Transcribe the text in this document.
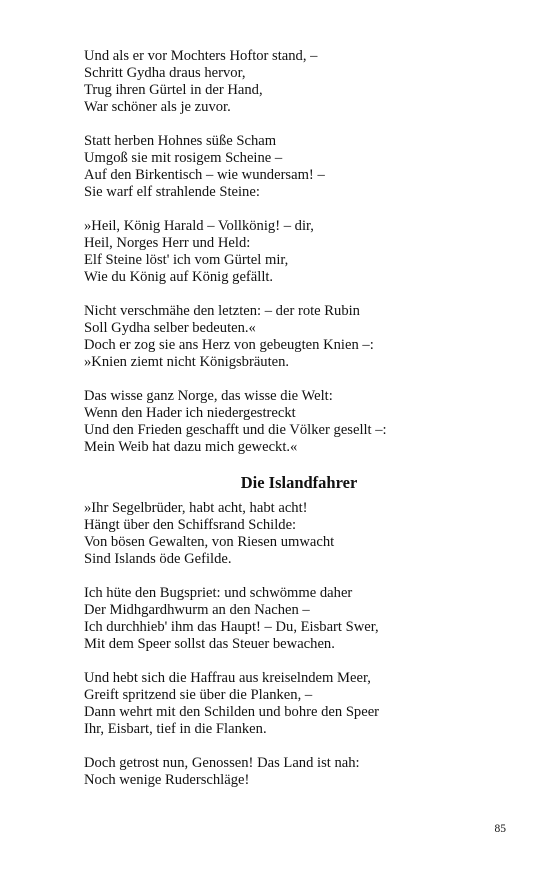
Und als er vor Mochters Hoftor stand, –
Schritt Gydha draus hervor,
Trug ihren Gürtel in der Hand,
War schöner als je zuvor.
Statt herben Hohnes süße Scham
Umgoß sie mit rosigem Scheine –
Auf den Birkentisch – wie wundersam! –
Sie warf elf strahlende Steine:
»Heil, König Harald – Vollkönig! – dir,
Heil, Norges Herr und Held:
Elf Steine löst' ich vom Gürtel mir,
Wie du König auf König gefällt.
Nicht verschmähe den letzten: – der rote Rubin
Soll Gydha selber bedeuten.«
Doch er zog sie ans Herz von gebeugten Knien –:
»Knien ziemt nicht Königsbräuten.
Das wisse ganz Norge, das wisse die Welt:
Wenn den Hader ich niedergestreckt
Und den Frieden geschafft und die Völker gesellt –:
Mein Weib hat dazu mich geweckt.«
Die Islandfahrer
»Ihr Segelbrüder, habt acht, habt acht!
Hängt über den Schiffsrand Schilde:
Von bösen Gewalten, von Riesen umwacht
Sind Islands öde Gefilde.
Ich hüte den Bugspriet: und schwömme daher
Der Midhgardhwurm an den Nachen –
Ich durchhieb' ihm das Haupt! – Du, Eisbart Swer,
Mit dem Speer sollst das Steuer bewachen.
Und hebt sich die Haffrau aus kreiselndem Meer,
Greift spritzend sie über die Planken, –
Dann wehrt mit den Schilden und bohre den Speer
Ihr, Eisbart, tief in die Flanken.
Doch getrost nun, Genossen! Das Land ist nah:
Noch wenige Ruderschläge!
85
